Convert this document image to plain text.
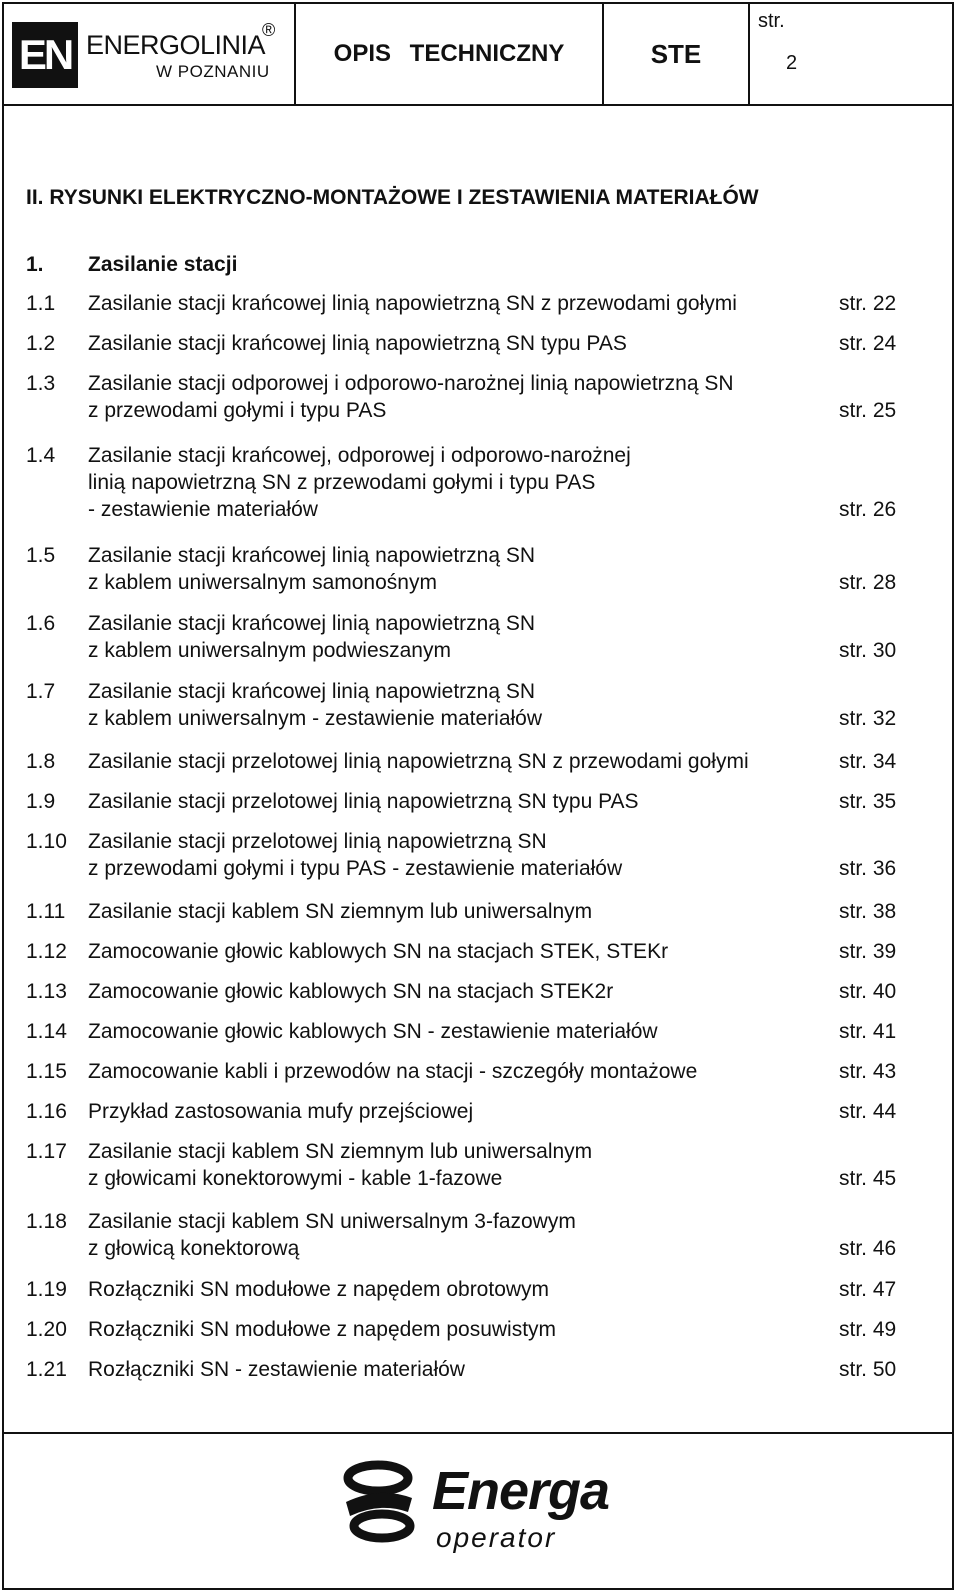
EN ENERGOLINIA
®
W POZNANIU
OPIS TECHNICZNY	STE
str.
2
II. RYSUNKI ELEKTRYCZNO-MONTAŻOWE I ZESTAWIENIA MATERIAŁÓW
1. Zasilanie stacji
1.1 Zasilanie stacji krańcowej linią napowietrzną SN z przewodami gołymi	str. 22
1.2 Zasilanie stacji krańcowej linią napowietrzną SN typu PAS	str. 24
1.3 Zasilanie stacji odporowej i odporowo-narożnej linią napowietrzną SN
z przewodami gołymi i typu PAS	str. 25
1.4 Zasilanie stacji krańcowej, odporowej i odporowo-narożnej
linią napowietrzną SN z przewodami gołymi i typu PAS
- zestawienie materiałów	str. 26
1.5 Zasilanie stacji krańcowej linią napowietrzną SN
z kablem uniwersalnym samonośnym	str. 28
1.6 Zasilanie stacji krańcowej linią napowietrzną SN
z kablem uniwersalnym podwieszanym	str. 30
1.7 Zasilanie stacji krańcowej linią napowietrzną SN
z kablem uniwersalnym - zestawienie materiałów	str. 32
1.8 Zasilanie stacji przelotowej linią napowietrzną SN z przewodami gołymi	str. 34
1.9 Zasilanie stacji przelotowej linią napowietrzną SN typu PAS	str. 35
1.10 Zasilanie stacji przelotowej linią napowietrzną SN
z przewodami gołymi i typu PAS - zestawienie materiałów	str. 36
1.11 Zasilanie stacji kablem SN ziemnym lub uniwersalnym	str. 38
1.12 Zamocowanie głowic kablowych SN na stacjach STEK, STEKr	str. 39
1.13 Zamocowanie głowic kablowych SN na stacjach STEK2r	str. 40
1.14 Zamocowanie głowic kablowych SN - zestawienie materiałów	str. 41
1.15 Zamocowanie kabli i przewodów na stacji - szczegóły montażowe	str. 43
1.16 Przykład zastosowania mufy przejściowej	str. 44
1.17 Zasilanie stacji kablem SN ziemnym lub uniwersalnym
z głowicami konektorowymi - kable 1-fazowe	str. 45
1.18 Zasilanie stacji kablem SN uniwersalnym 3-fazowym
z głowicą konektorową	str. 46
1.19 Rozłączniki SN modułowe z napędem obrotowym	str. 47
1.20 Rozłączniki SN modułowe z napędem posuwistym	str. 49
1.21 Rozłączniki SN - zestawienie materiałów	str. 50
Energa
operator
